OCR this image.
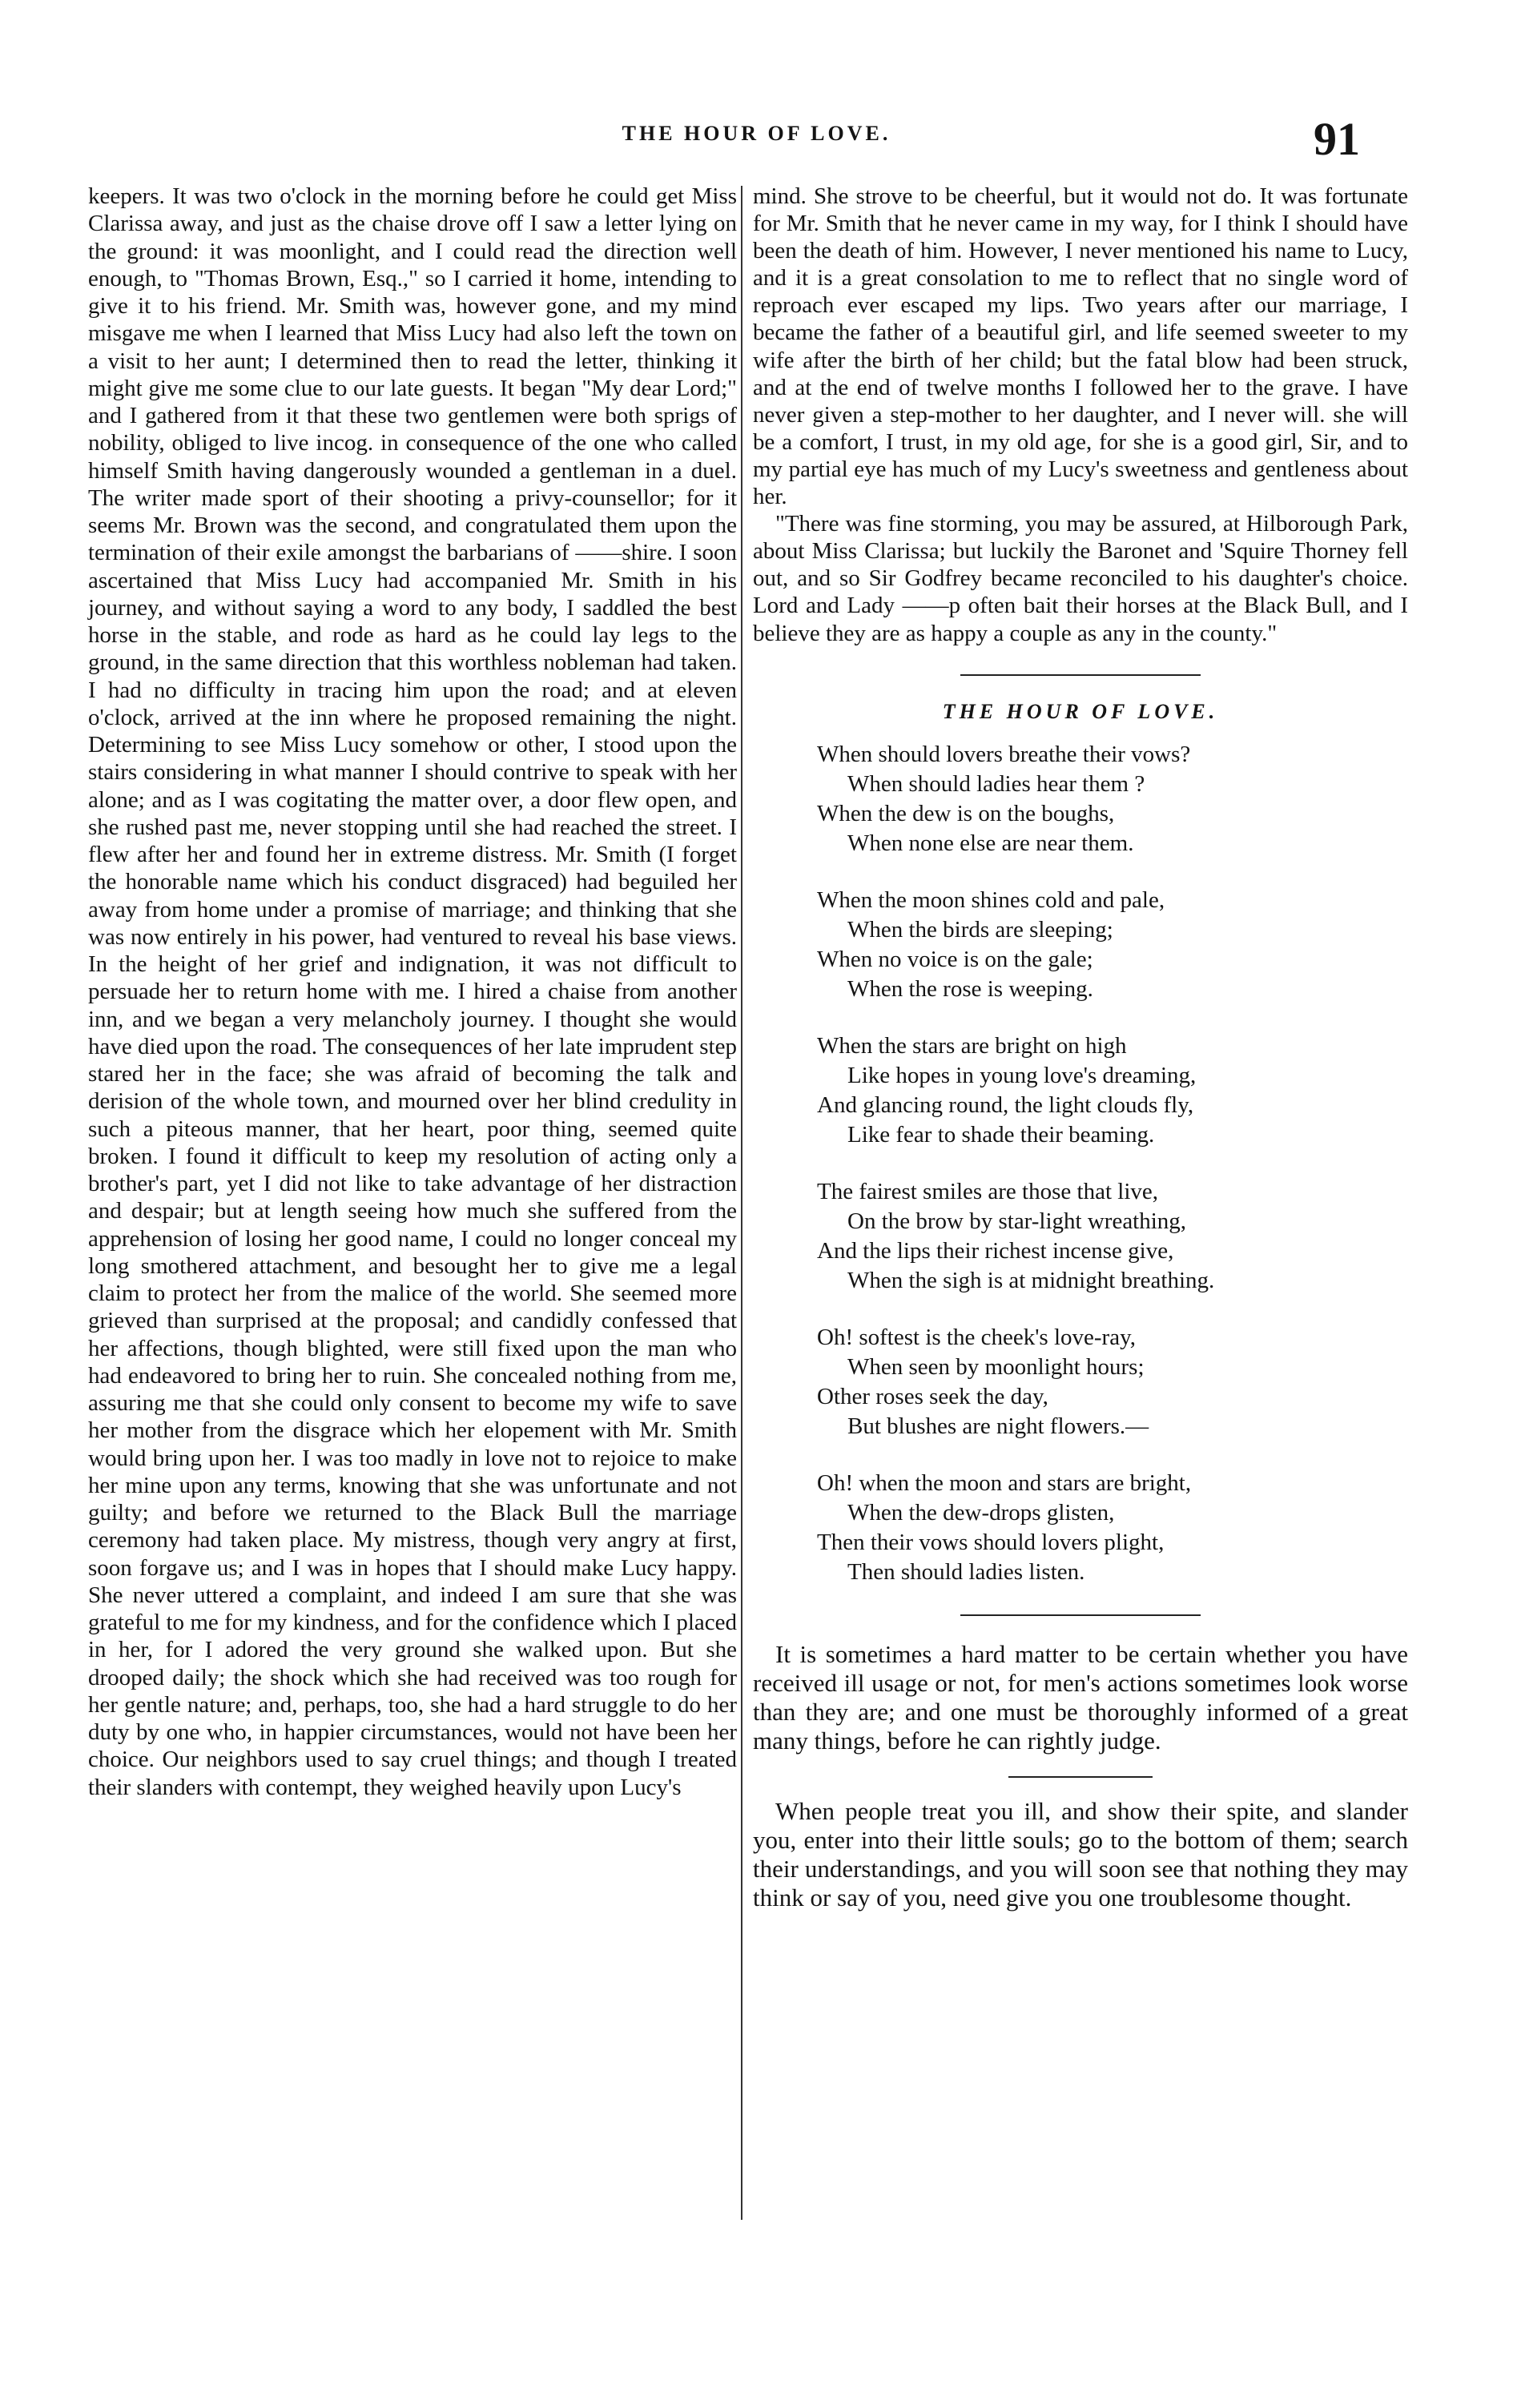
THE HOUR OF LOVE.	91

keepers. It was two o'clock in the morning before he could get Miss Clarissa away, and just as the chaise drove off I saw a letter lying on the ground: it was moonlight, and I could read the direction well enough, to "Thomas Brown, Esq.," so I carried it home, intending to give it to his friend. Mr. Smith was, however gone, and my mind misgave me when I learned that Miss Lucy had also left the town on a visit to her aunt; I determined then to read the letter, thinking it might give me some clue to our late guests. It began "My dear Lord;" and I gathered from it that these two gentlemen were both sprigs of nobility, obliged to live incog. in consequence of the one who called himself Smith having dangerously wounded a gentleman in a duel. The writer made sport of their shooting a privy-counsellor; for it seems Mr. Brown was the second, and congratulated them upon the termination of their exile amongst the barbarians of ——shire. I soon ascertained that Miss Lucy had accompanied Mr. Smith in his journey, and without saying a word to any body, I saddled the best horse in the stable, and rode as hard as he could lay legs to the ground, in the same direction that this worthless nobleman had taken. I had no difficulty in tracing him upon the road; and at eleven o'clock, arrived at the inn where he proposed remaining the night. Determining to see Miss Lucy somehow or other, I stood upon the stairs considering in what manner I should contrive to speak with her alone; and as I was cogitating the matter over, a door flew open, and she rushed past me, never stopping until she had reached the street. I flew after her and found her in extreme distress. Mr. Smith (I forget the honorable name which his conduct disgraced) had beguiled her away from home under a promise of marriage; and thinking that she was now entirely in his power, had ventured to reveal his base views. In the height of her grief and indignation, it was not difficult to persuade her to return home with me. I hired a chaise from another inn, and we began a very melancholy journey. I thought she would have died upon the road. The consequences of her late imprudent step stared her in the face; she was afraid of becoming the talk and derision of the whole town, and mourned over her blind credulity in such a piteous manner, that her heart, poor thing, seemed quite broken. I found it difficult to keep my resolution of acting only a brother's part, yet I did not like to take advantage of her distraction and despair; but at length seeing how much she suffered from the apprehension of losing her good name, I could no longer conceal my long smothered attachment, and besought her to give me a legal claim to protect her from the malice of the world. She seemed more grieved than surprised at the proposal; and candidly confessed that her affections, though blighted, were still fixed upon the man who had endeavored to bring her to ruin. She concealed nothing from me, assuring me that she could only consent to become my wife to save her mother from the disgrace which her elopement with Mr. Smith would bring upon her. I was too madly in love not to rejoice to make her mine upon any terms, knowing that she was unfortunate and not guilty; and before we returned to the Black Bull the marriage ceremony had taken place. My mistress, though very angry at first, soon forgave us; and I was in hopes that I should make Lucy happy. She never uttered a complaint, and indeed I am sure that she was grateful to me for my kindness, and for the confidence which I placed in her, for I adored the very ground she walked upon. But she drooped daily; the shock which she had received was too rough for her gentle nature; and, perhaps, too, she had a hard struggle to do her duty by one who, in happier circumstances, would not have been her choice. Our neighbors used to say cruel things; and though I treated their slanders with contempt, they weighed heavily upon Lucy's

mind. She strove to be cheerful, but it would not do. It was fortunate for Mr. Smith that he never came in my way, for I think I should have been the death of him. However, I never mentioned his name to Lucy, and it is a great consolation to me to reflect that no single word of reproach ever escaped my lips. Two years after our marriage, I became the father of a beautiful girl, and life seemed sweeter to my wife after the birth of her child; but the fatal blow had been struck, and at the end of twelve months I followed her to the grave. I have never given a step-mother to her daughter, and I never will. she will be a comfort, I trust, in my old age, for she is a good girl, Sir, and to my partial eye has much of my Lucy's sweetness and gentleness about her.

"There was fine storming, you may be assured, at Hilborough Park, about Miss Clarissa; but luckily the Baronet and 'Squire Thorney fell out, and so Sir Godfrey became reconciled to his daughter's choice. Lord and Lady ——p often bait their horses at the Black Bull, and I believe they are as happy a couple as any in the county."

THE HOUR OF LOVE.
When should lovers breathe their vows?
When should ladies hear them ?
When the dew is on the boughs,
When none else are near them.
When the moon shines cold and pale,
When the birds are sleeping;
When no voice is on the gale;
When the rose is weeping.
When the stars are bright on high
Like hopes in young love's dreaming,
And glancing round, the light clouds fly,
Like fear to shade their beaming.
The fairest smiles are those that live,
On the brow by star-light wreathing,
And the lips their richest incense give,
When the sigh is at midnight breathing.
Oh! softest is the cheek's love-ray,
When seen by moonlight hours;
Other roses seek the day,
But blushes are night flowers.—
Oh! when the moon and stars are bright,
When the dew-drops glisten,
Then their vows should lovers plight,
Then should ladies listen.

It is sometimes a hard matter to be certain whether you have received ill usage or not, for men's actions sometimes look worse than they are; and one must be thoroughly informed of a great many things, before he can rightly judge.

When people treat you ill, and show their spite, and slander you, enter into their little souls; go to the bottom of them; search their understandings, and you will soon see that nothing they may think or say of you, need give you one troublesome thought.
